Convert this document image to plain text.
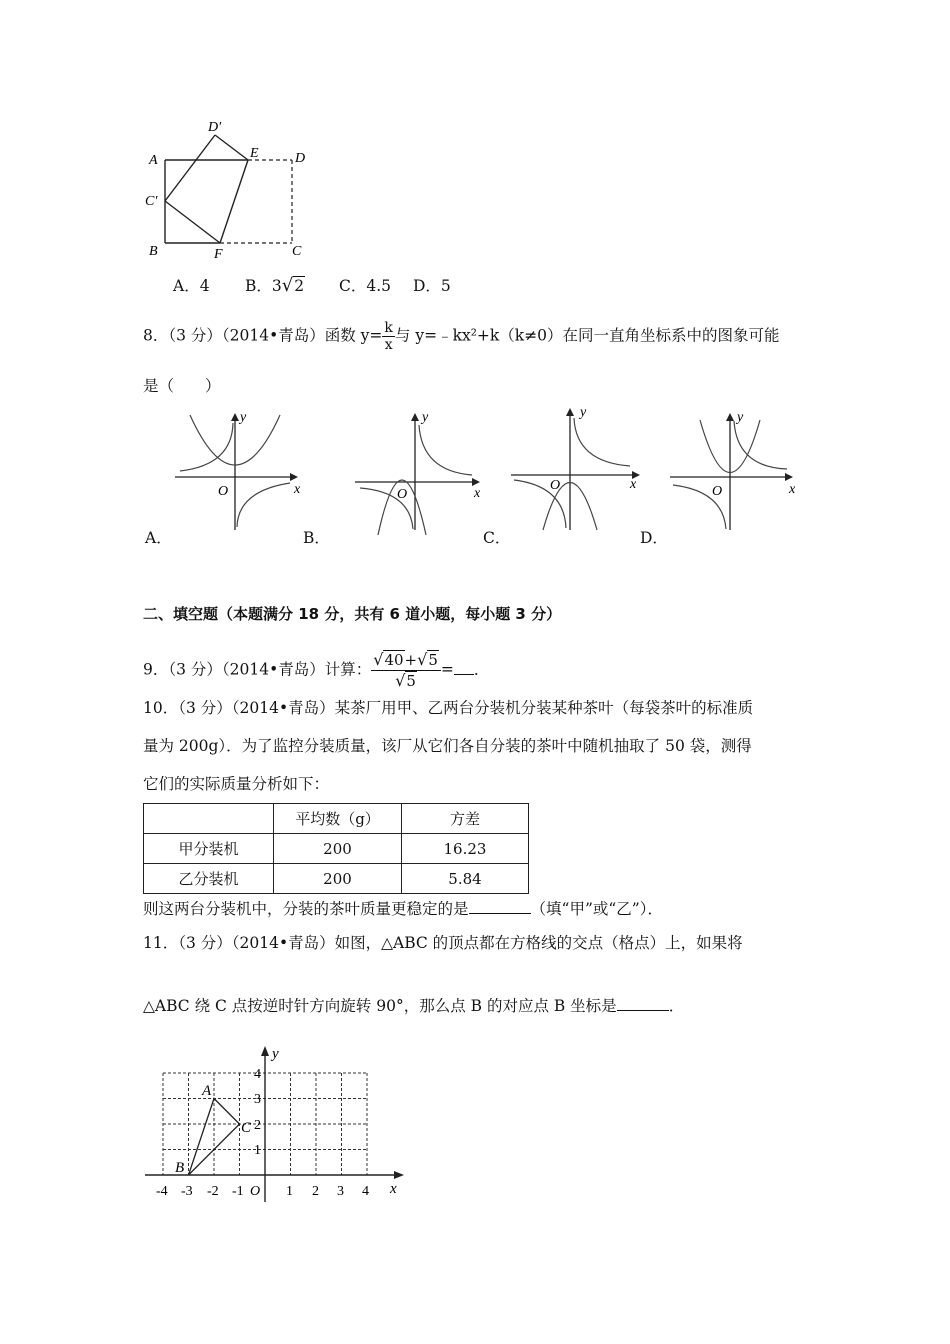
D′
A	E	D
C′
B	F	C
A．4 B．3√2 C．4.5 D．5
8．（3 分）（2014•青岛）函数 $y= \frac{k}{x}$ 与 y=﹣kx²+k（k≠0）在同一直角坐标系中的图象可能
是（　　）
y
x
O
y
x
O
y
x
O
y
x
O
A．	B．	C．	D．
二、填空题（本题满分 18 分，共有 6 道小题，每小题 3 分）
9．（3 分）（2014•青岛）计算： $\frac{√40+√5}{√5}$ = ．
10．（3 分）（2014•青岛）某茶厂用甲、乙两台分装机分装某种茶叶（每袋茶叶的标准质
量为 200g）．为了监控分装质量，该厂从它们各自分装的茶叶中随机抽取了 50 袋，测得
它们的实际质量分析如下：
	平均数（g）	方差
甲分装机	200	16.23
乙分装机	200	5.84
则这两台分装机中，分装的茶叶质量更稳定的是	（填“甲”或“乙”）．
11．（3 分）（2014•青岛）如图，△ABC 的顶点都在方格线的交点（格点）上，如果将
△ABC 绕 C 点按逆时针方向旋转 90°，那么点 B 的对应点 B 坐标是	．
y
x
O
A
B
C
-4 -3 -2 -1	1 2 3 4
1
2
3
4
